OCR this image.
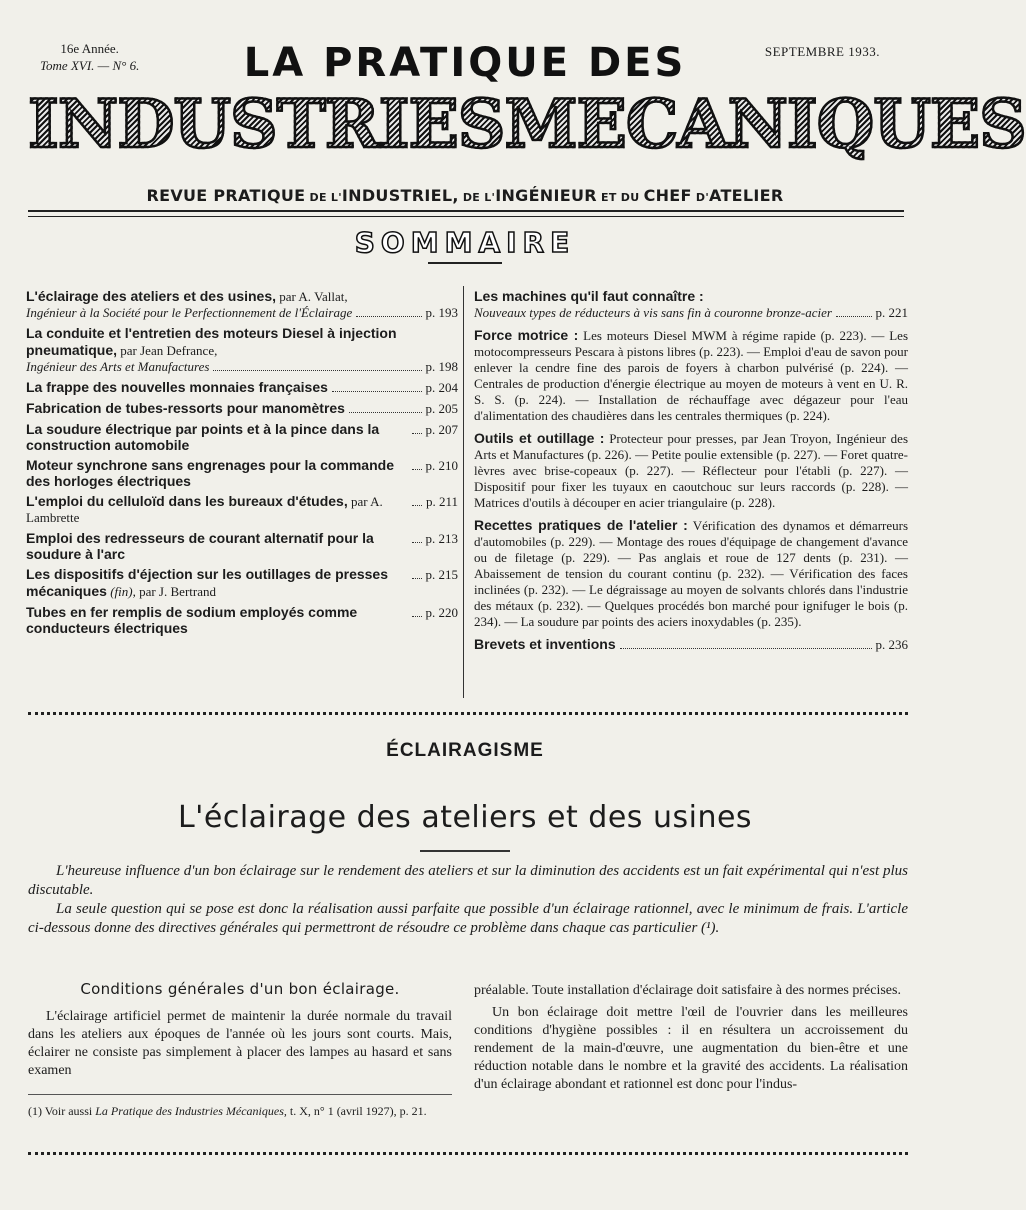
16e Année.
Tome XVI. — N° 6.
SEPTEMBRE 1933.
LA PRATIQUE DES
INDUSTRIES MECANIQUES
REVUE PRATIQUE DE L'INDUSTRIEL, DE L'INGÉNIEUR ET DU CHEF D'ATELIER
SOMMAIRE
L'éclairage des ateliers et des usines, par A. Vallat,
Ingénieur à la Société pour le Perfectionnement de l'Éclairage	p. 193
La conduite et l'entretien des moteurs Diesel à injection pneumatique, par Jean Defrance,
Ingénieur des Arts et Manufactures	p. 198
La frappe des nouvelles monnaies françaises	p. 204
Fabrication de tubes-ressorts pour manomètres	p. 205
La soudure électrique par points et à la pince dans la construction automobile
p. 207
Moteur synchrone sans engrenages pour la commande des horloges électriques
p. 210
L'emploi du celluloïd dans les bureaux d'études, par A. Lambrette
p. 211
Emploi des redresseurs de courant alternatif pour la soudure à l'arc
p. 213
Les dispositifs d'éjection sur les outillages de presses mécaniques (fin), par J. Bertrand
p. 215
Tubes en fer remplis de sodium employés comme conducteurs électriques
p. 220
Les machines qu'il faut connaître :
Nouveaux types de réducteurs à vis sans fin à couronne bronze-acier	p. 221
Force motrice : Les moteurs Diesel MWM à régime rapide (p. 223). — Les motocompresseurs Pescara à pistons libres (p. 223). — Emploi d'eau de savon pour enlever la cendre fine des parois de foyers à charbon pulvérisé (p. 224). — Centrales de production d'énergie électrique au moyen de moteurs à vent en U. R. S. S. (p. 224). — Installation de réchauffage avec dégazeur pour l'eau d'alimentation des chaudières dans les centrales thermiques (p. 224).
Outils et outillage : Protecteur pour presses, par Jean Troyon, Ingénieur des Arts et Manufactures (p. 226). — Petite poulie extensible (p. 227). — Foret quatre-lèvres avec brise-copeaux (p. 227). — Réflecteur pour l'établi (p. 227). — Dispositif pour fixer les tuyaux en caoutchouc sur leurs raccords (p. 228). — Matrices d'outils à découper en acier triangulaire (p. 228).
Recettes pratiques de l'atelier : Vérification des dynamos et démarreurs d'automobiles (p. 229). — Montage des roues d'équipage de changement d'avance ou de filetage (p. 229). — Pas anglais et roue de 127 dents (p. 231). — Abaissement de tension du courant continu (p. 232). — Vérification des faces inclinées (p. 232). — Le dégraissage au moyen de solvants chlorés dans l'industrie des métaux (p. 232). — Quelques procédés bon marché pour ignifuger le bois (p. 234). — La soudure par points des aciers inoxydables (p. 235).
Brevets et inventions	p. 236
ÉCLAIRAGISME
L'éclairage des ateliers et des usines

L'heureuse influence d'un bon éclairage sur le rendement des ateliers et sur la diminution des accidents est un fait expérimental qui n'est plus discutable.

La seule question qui se pose est donc la réalisation aussi parfaite que possible d'un éclairage rationnel, avec le minimum de frais. L'article ci-dessous donne des directives générales qui permettront de résoudre ce problème dans chaque cas particulier (¹).

Conditions générales d'un bon éclairage.

L'éclairage artificiel permet de maintenir la durée normale du travail dans les ateliers aux époques de l'année où les jours sont courts. Mais, éclairer ne consiste pas simplement à placer des lampes au hasard et sans examen

(1) Voir aussi La Pratique des Industries Mécaniques, t. X, n° 1 (avril 1927), p. 21.

préalable. Toute installation d'éclairage doit satisfaire à des normes précises.

Un bon éclairage doit mettre l'œil de l'ouvrier dans les meilleures conditions d'hygiène possibles : il en résultera un accroissement du rendement de la main-d'œuvre, une augmentation du bien-être et une réduction notable dans le nombre et la gravité des accidents. La réalisation d'un éclairage abondant et rationnel est donc pour l'indus-
